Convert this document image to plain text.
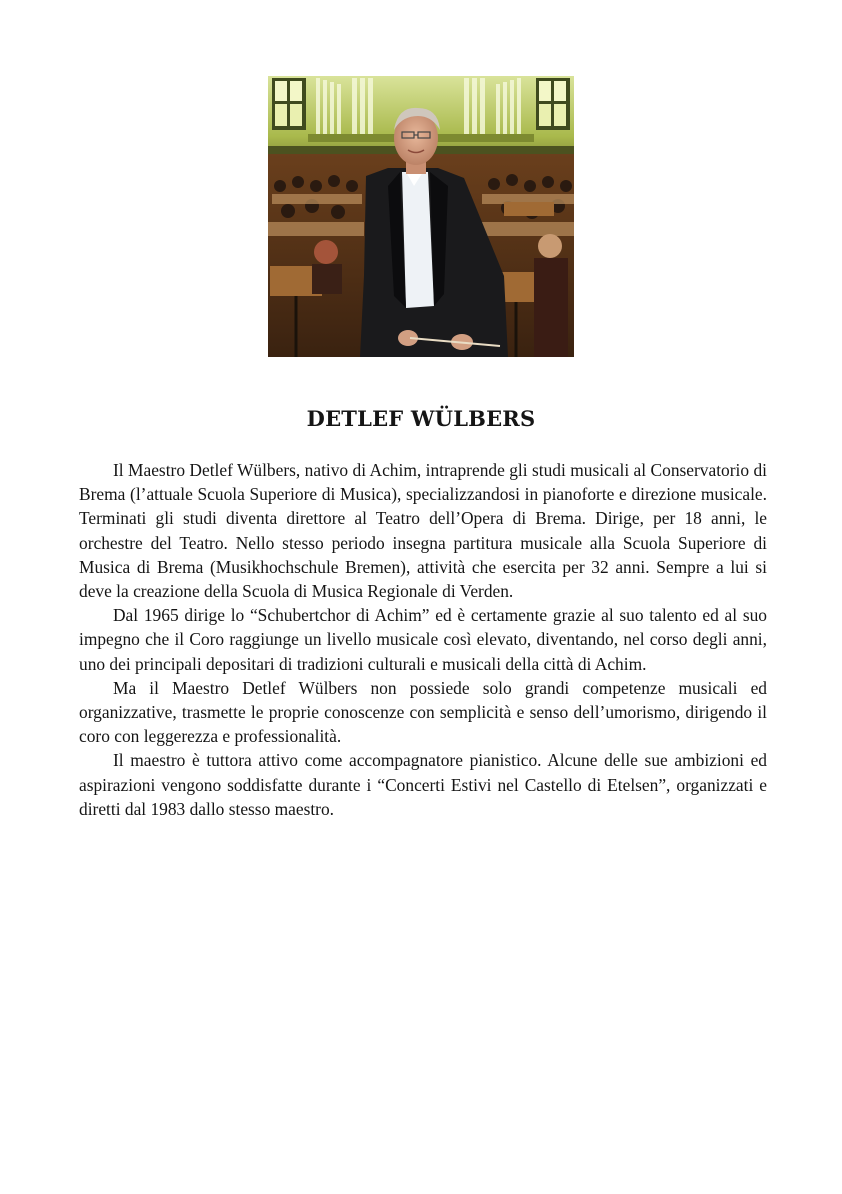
DETLEF WÜLBERS

Il Maestro Detlef Wülbers, nativo di Achim, intraprende gli studi musicali al Conservatorio di Brema (l’attuale Scuola Superiore di Musica), specializzandosi in pianoforte e direzione musicale. Terminati gli studi diventa direttore al Teatro dell’Opera di Brema. Dirige, per 18 anni, le orchestre del Teatro. Nello stesso periodo insegna partitura musicale alla Scuola Superiore di Musica di Brema (Musikhochschule Bremen), attività che esercita per 32 anni. Sempre a lui si deve la creazione della Scuola di Musica Regionale di Verden.

Dal 1965 dirige lo “Schubertchor di Achim” ed è certamente grazie al suo talento ed al suo impegno che il Coro raggiunge un livello musicale così elevato, diventando, nel corso degli anni, uno dei principali depositari di tradizioni culturali e musicali della città di Achim.

Ma il Maestro Detlef Wülbers non possiede solo grandi competenze musicali ed organizzative, trasmette le proprie conoscenze con semplicità e senso dell’umorismo, dirigendo il coro con leggerezza e professionalità.

Il maestro è tuttora attivo come accompagnatore pianistico. Alcune delle sue ambizioni ed aspirazioni vengono soddisfatte durante i “Concerti Estivi nel Castello di Etelsen”, organizzati e diretti dal 1983 dallo stesso maestro.
